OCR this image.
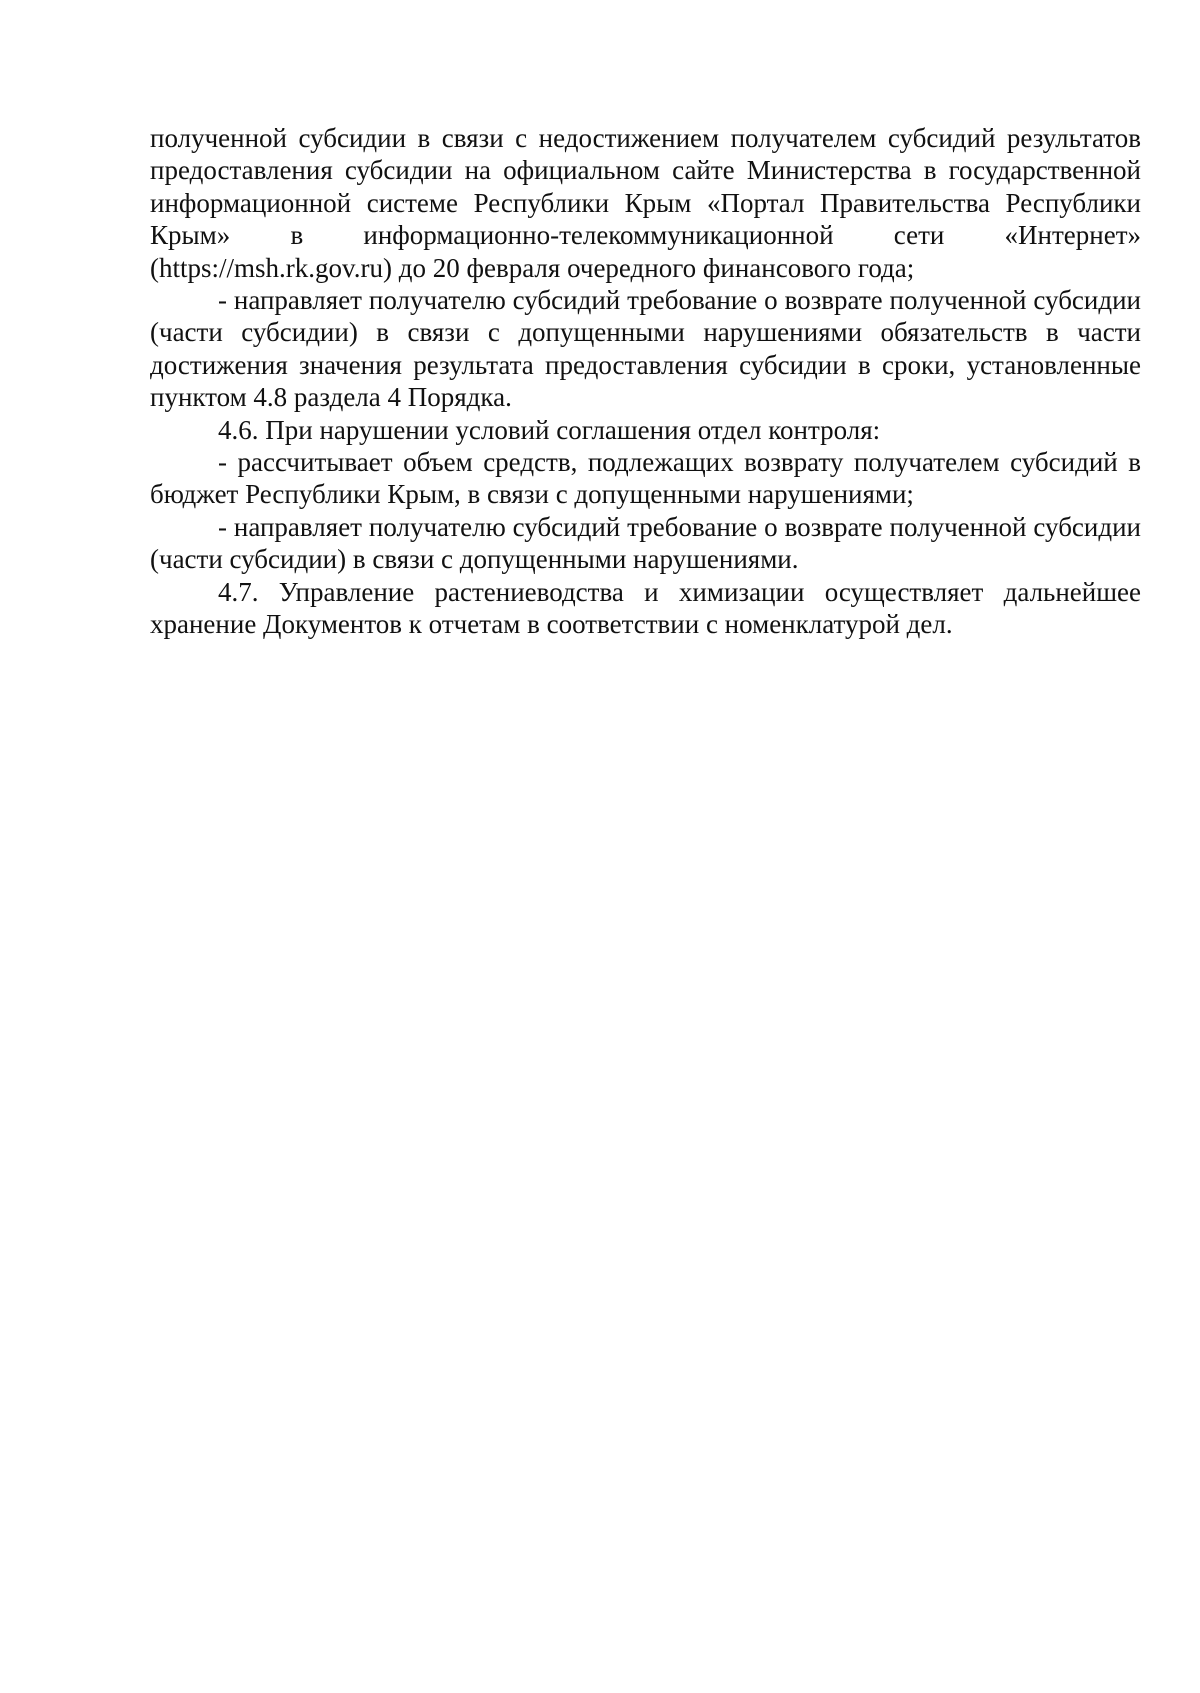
полученной субсидии в связи с недостижением получателем субсидий результатов предоставления субсидии на официальном сайте Министерства в государственной информационной системе Республики Крым «Портал Правительства Республики Крым» в информационно-телекоммуникационной сети «Интернет» (https://msh.rk.gov.ru) до 20 февраля очередного финансового года;

- направляет получателю субсидий требование о возврате полученной субсидии (части субсидии) в связи с допущенными нарушениями обязательств в части достижения значения результата предоставления субсидии в сроки, установленные пунктом 4.8 раздела 4 Порядка.

4.6. При нарушении условий соглашения отдел контроля:

- рассчитывает объем средств, подлежащих возврату получателем субсидий в бюджет Республики Крым, в связи с допущенными нарушениями;

- направляет получателю субсидий требование о возврате полученной субсидии (части субсидии) в связи с допущенными нарушениями.

4.7. Управление растениеводства и химизации осуществляет дальнейшее хранение Документов к отчетам в соответствии с номенклатурой дел.
